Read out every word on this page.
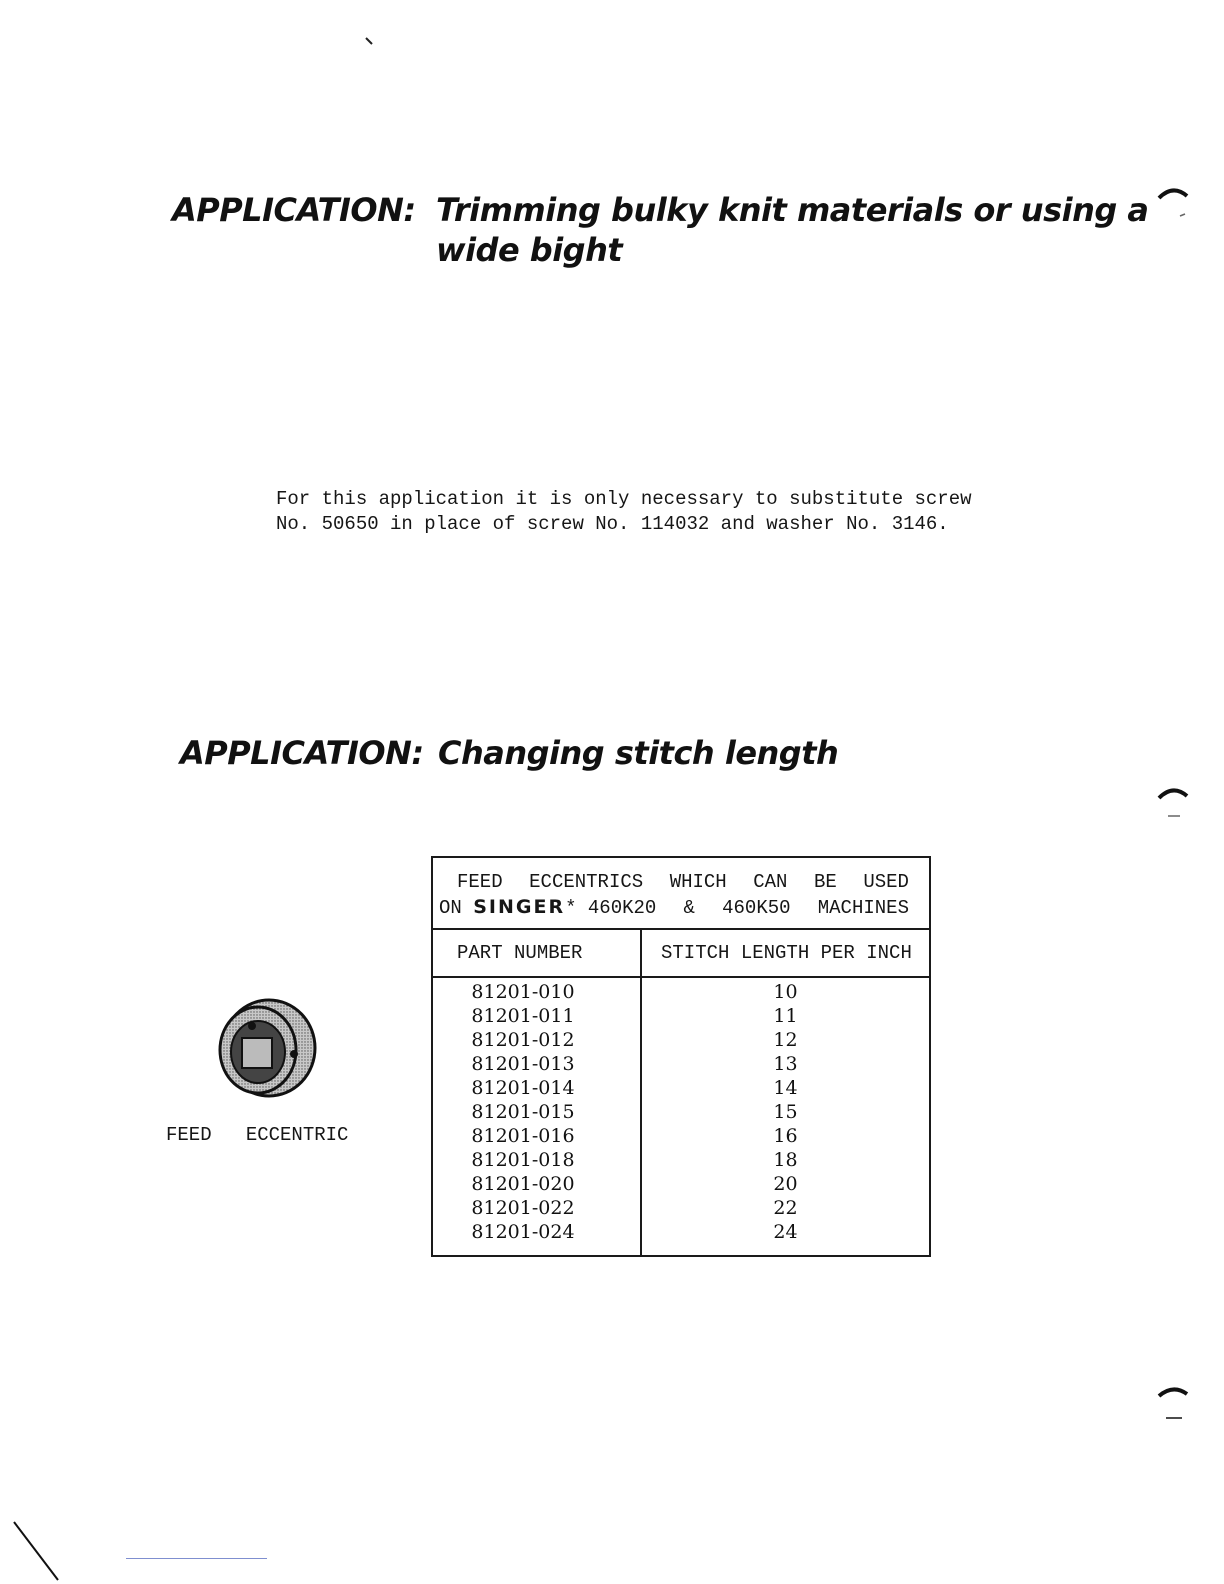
APPLICATION: Trimming bulky knit materials or using a
wide bight
For this application it is only necessary to substitute screw
No. 50650 in place of screw No. 114032 and washer No. 3146.
APPLICATION: Changing stitch length
FEED   ECCENTRIC
FEED ECCENTRICS WHICH CAN BE USED
ON SINGER* 460K20 & 460K50 MACHINES
PART NUMBER	STITCH LENGTH PER INCH
81201-010	10
81201-011	11
81201-012	12
81201-013	13
81201-014	14
81201-015	15
81201-016	16
81201-018	18
81201-020	20
81201-022	22
81201-024	24
